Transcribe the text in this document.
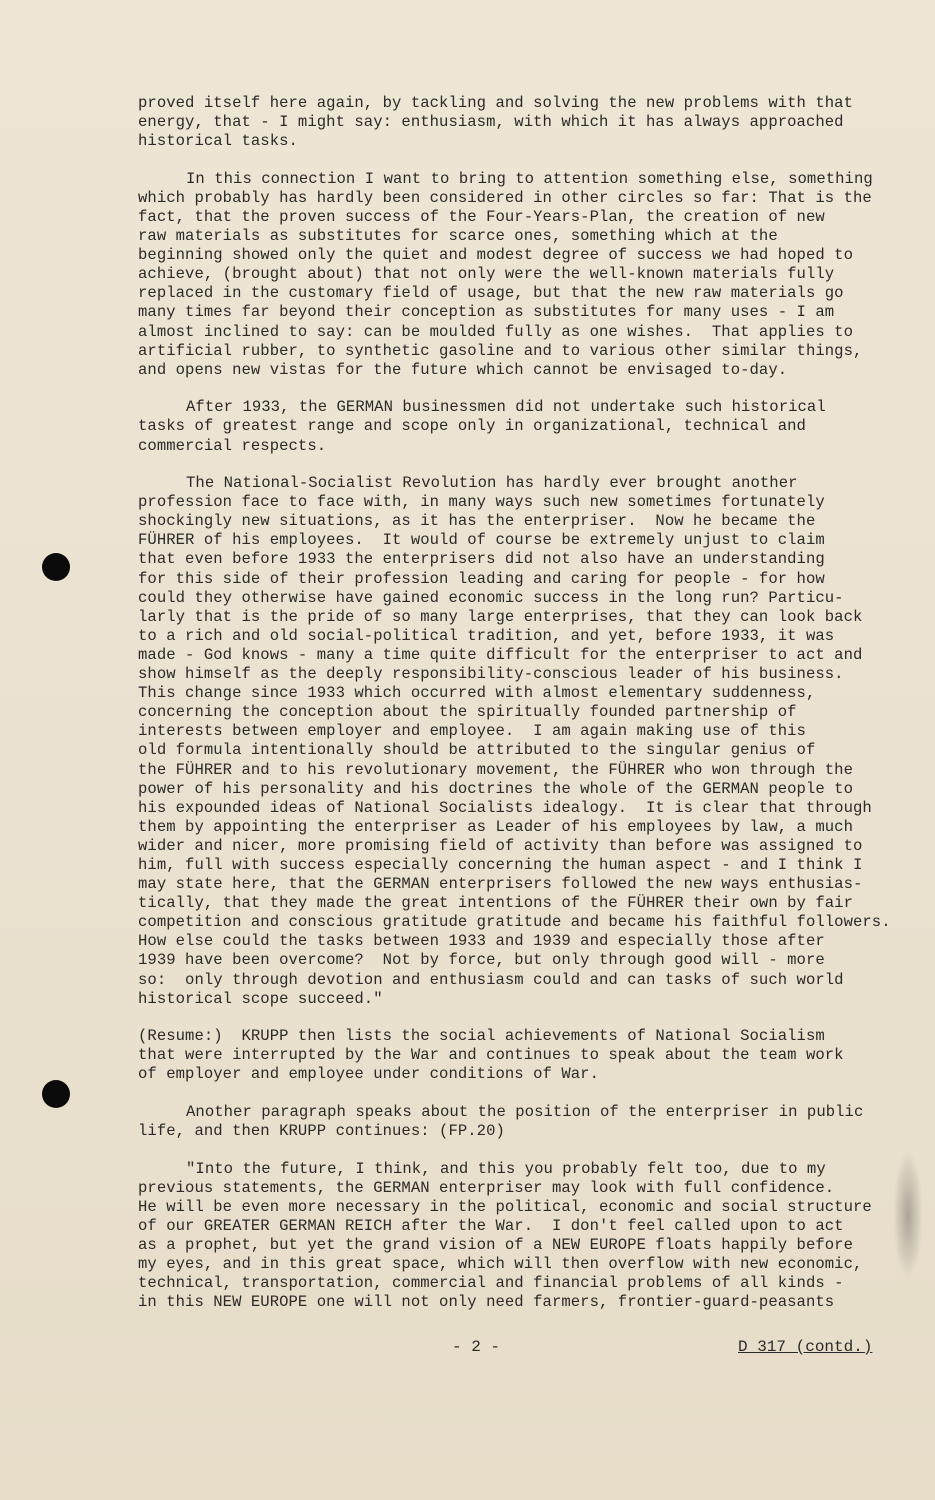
proved itself here again, by tackling and solving the new problems with that
energy, that - I might say: enthusiasm, with which it has always approached
historical tasks.
In this connection I want to bring to attention something else, something
which probably has hardly been considered in other circles so far: That is the
fact, that the proven success of the Four-Years-Plan, the creation of new
raw materials as substitutes for scarce ones, something which at the
beginning showed only the quiet and modest degree of success we had hoped to
achieve, (brought about) that not only were the well-known materials fully
replaced in the customary field of usage, but that the new raw materials go
many times far beyond their conception as substitutes for many uses - I am
almost inclined to say: can be moulded fully as one wishes.  That applies to
artificial rubber, to synthetic gasoline and to various other similar things,
and opens new vistas for the future which cannot be envisaged to-day.
After 1933, the GERMAN businessmen did not undertake such historical
tasks of greatest range and scope only in organizational, technical and
commercial respects.
The National-Socialist Revolution has hardly ever brought another
profession face to face with, in many ways such new sometimes fortunately
shockingly new situations, as it has the enterpriser.  Now he became the
FÜHRER of his employees.  It would of course be extremely unjust to claim
that even before 1933 the enterprisers did not also have an understanding
for this side of their profession leading and caring for people - for how
could they otherwise have gained economic success in the long run? Particu-
larly that is the pride of so many large enterprises, that they can look back
to a rich and old social-political tradition, and yet, before 1933, it was
made - God knows - many a time quite difficult for the enterpriser to act and
show himself as the deeply responsibility-conscious leader of his business.
This change since 1933 which occurred with almost elementary suddenness,
concerning the conception about the spiritually founded partnership of
interests between employer and employee.  I am again making use of this
old formula intentionally should be attributed to the singular genius of
the FÜHRER and to his revolutionary movement, the FÜHRER who won through the
power of his personality and his doctrines the whole of the GERMAN people to
his expounded ideas of National Socialists idealogy.  It is clear that through
them by appointing the enterpriser as Leader of his employees by law, a much
wider and nicer, more promising field of activity than before was assigned to
him, full with success especially concerning the human aspect - and I think I
may state here, that the GERMAN enterprisers followed the new ways enthusias-
tically, that they made the great intentions of the FÜHRER their own by fair
competition and conscious gratitude gratitude and became his faithful followers.
How else could the tasks between 1933 and 1939 and especially those after
1939 have been overcome?  Not by force, but only through good will - more
so:  only through devotion and enthusiasm could and can tasks of such world
historical scope succeed."
(Resume:)  KRUPP then lists the social achievements of National Socialism
that were interrupted by the War and continues to speak about the team work
of employer and employee under conditions of War.
Another paragraph speaks about the position of the enterpriser in public
life, and then KRUPP continues: (FP.20)
"Into the future, I think, and this you probably felt too, due to my
previous statements, the GERMAN enterpriser may look with full confidence.
He will be even more necessary in the political, economic and social structure
of our GREATER GERMAN REICH after the War.  I don't feel called upon to act
as a prophet, but yet the grand vision of a NEW EUROPE floats happily before
my eyes, and in this great space, which will then overflow with new economic,
technical, transportation, commercial and financial problems of all kinds -
in this NEW EUROPE one will not only need farmers, frontier-guard-peasants
- 2 -	D 317 (contd.)
